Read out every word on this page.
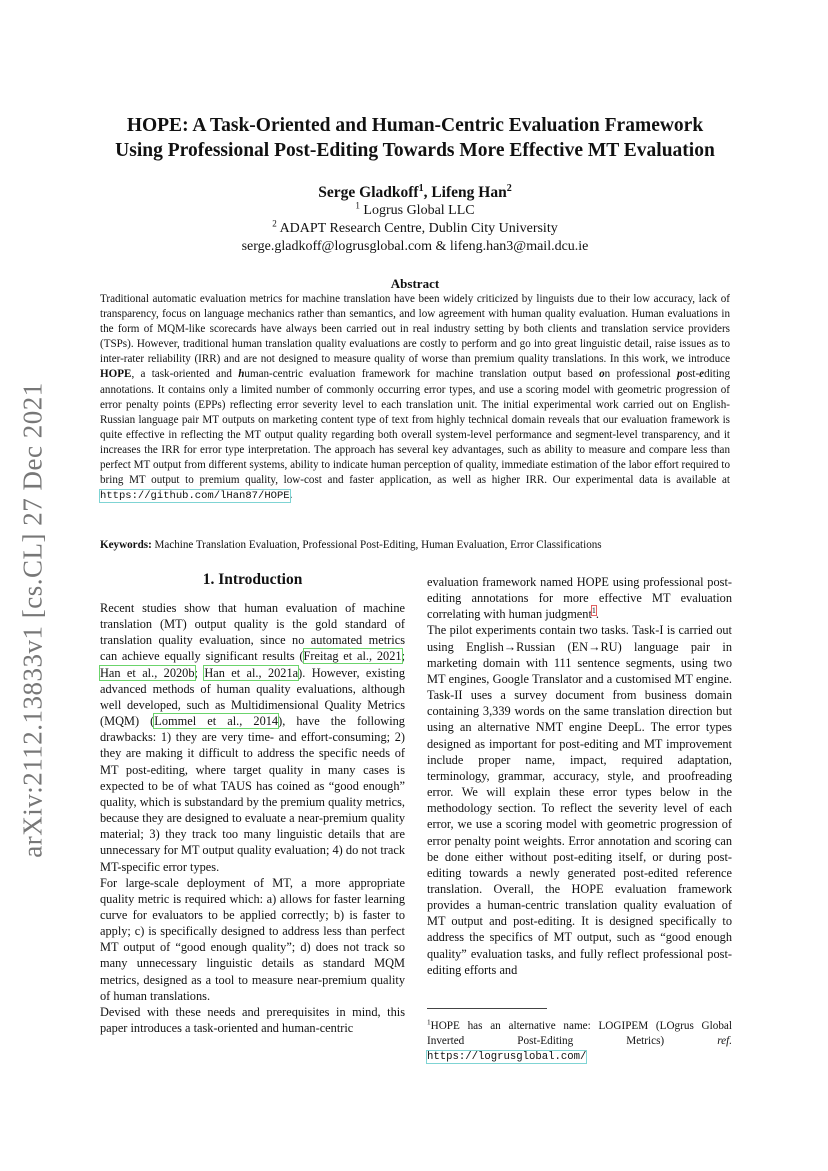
arXiv:2112.13833v1 [cs.CL] 27 Dec 2021
HOPE: A Task-Oriented and Human-Centric Evaluation Framework
Using Professional Post-Editing Towards More Effective MT Evaluation
Serge Gladkoff$^1$, Lifeng Han$^2$
$^1$ Logrus Global LLC
$^2$ ADAPT Research Centre, Dublin City University
serge.gladkoff@logrusglobal.com & lifeng.han3@mail.dcu.ie
Abstract
Traditional automatic evaluation metrics for machine translation have been widely criticized by linguists due to their low accuracy, lack of transparency, focus on language mechanics rather than semantics, and low agreement with human quality evaluation. Human evaluations in the form of MQM-like scorecards have always been carried out in real industry setting by both clients and translation service providers (TSPs). However, traditional human translation quality evaluations are costly to perform and go into great linguistic detail, raise issues as to inter-rater reliability (IRR) and are not designed to measure quality of worse than premium quality translations. In this work, we introduce HOPE, a task-oriented and human-centric evaluation framework for machine translation output based on professional post-editing annotations. It contains only a limited number of commonly occurring error types, and use a scoring model with geometric progression of error penalty points (EPPs) reflecting error severity level to each translation unit. The initial experimental work carried out on English-Russian language pair MT outputs on marketing content type of text from highly technical domain reveals that our evaluation framework is quite effective in reflecting the MT output quality regarding both overall system-level performance and segment-level transparency, and it increases the IRR for error type interpretation. The approach has several key advantages, such as ability to measure and compare less than perfect MT output from different systems, ability to indicate human perception of quality, immediate estimation of the labor effort required to bring MT output to premium quality, low-cost and faster application, as well as higher IRR. Our experimental data is available at https://github.com/lHan87/HOPE.
Keywords: Machine Translation Evaluation, Professional Post-Editing, Human Evaluation, Error Classifications
1. Introduction

Recent studies show that human evaluation of machine translation (MT) output quality is the gold standard of translation quality evaluation, since no automated metrics can achieve equally significant results (Freitag et al., 2021; Han et al., 2020b; Han et al., 2021a). However, existing advanced methods of human quality evaluations, although well developed, such as Multidimensional Quality Metrics (MQM) (Lommel et al., 2014), have the following drawbacks: 1) they are very time- and effort-consuming; 2) they are making it difficult to address the specific needs of MT post-editing, where target quality in many cases is expected to be of what TAUS has coined as “good enough” quality, which is substandard by the premium quality metrics, because they are designed to evaluate a near-premium quality material; 3) they track too many linguistic details that are unnecessary for MT output quality evaluation; 4) do not track MT-specific error types.

For large-scale deployment of MT, a more appropriate quality metric is required which: a) allows for faster learning curve for evaluators to be applied correctly; b) is faster to apply; c) is specifically designed to address less than perfect MT output of “good enough quality”; d) does not track so many unnecessary linguistic details as standard MQM metrics, designed as a tool to measure near-premium quality of human translations.

Devised with these needs and prerequisites in mind, this paper introduces a task-oriented and human-centric

evaluation framework named HOPE using professional post-editing annotations for more effective MT evaluation correlating with human judgment$^1$.

The pilot experiments contain two tasks. Task-I is carried out using English→Russian (EN→RU) language pair in marketing domain with 111 sentence segments, using two MT engines, Google Translator and a customised MT engine. Task-II uses a survey document from business domain containing 3,339 words on the same translation direction but using an alternative NMT engine DeepL. The error types designed as important for post-editing and MT improvement include proper name, impact, required adaptation, terminology, grammar, accuracy, style, and proofreading error. We will explain these error types below in the methodology section. To reflect the severity level of each error, we use a scoring model with geometric progression of error penalty point weights. Error annotation and scoring can be done either without post-editing itself, or during post-editing towards a newly generated post-edited reference translation. Overall, the HOPE evaluation framework provides a human-centric translation quality evaluation of MT output and post-editing. It is designed specifically to address the specifics of MT output, such as “good enough quality” evaluation tasks, and fully reflect professional post-editing efforts and

$^1$HOPE has an alternative name: LOGIPEM (LOgrus Global Inverted Post-Editing Metrics) ref. https://logrusglobal.com/
